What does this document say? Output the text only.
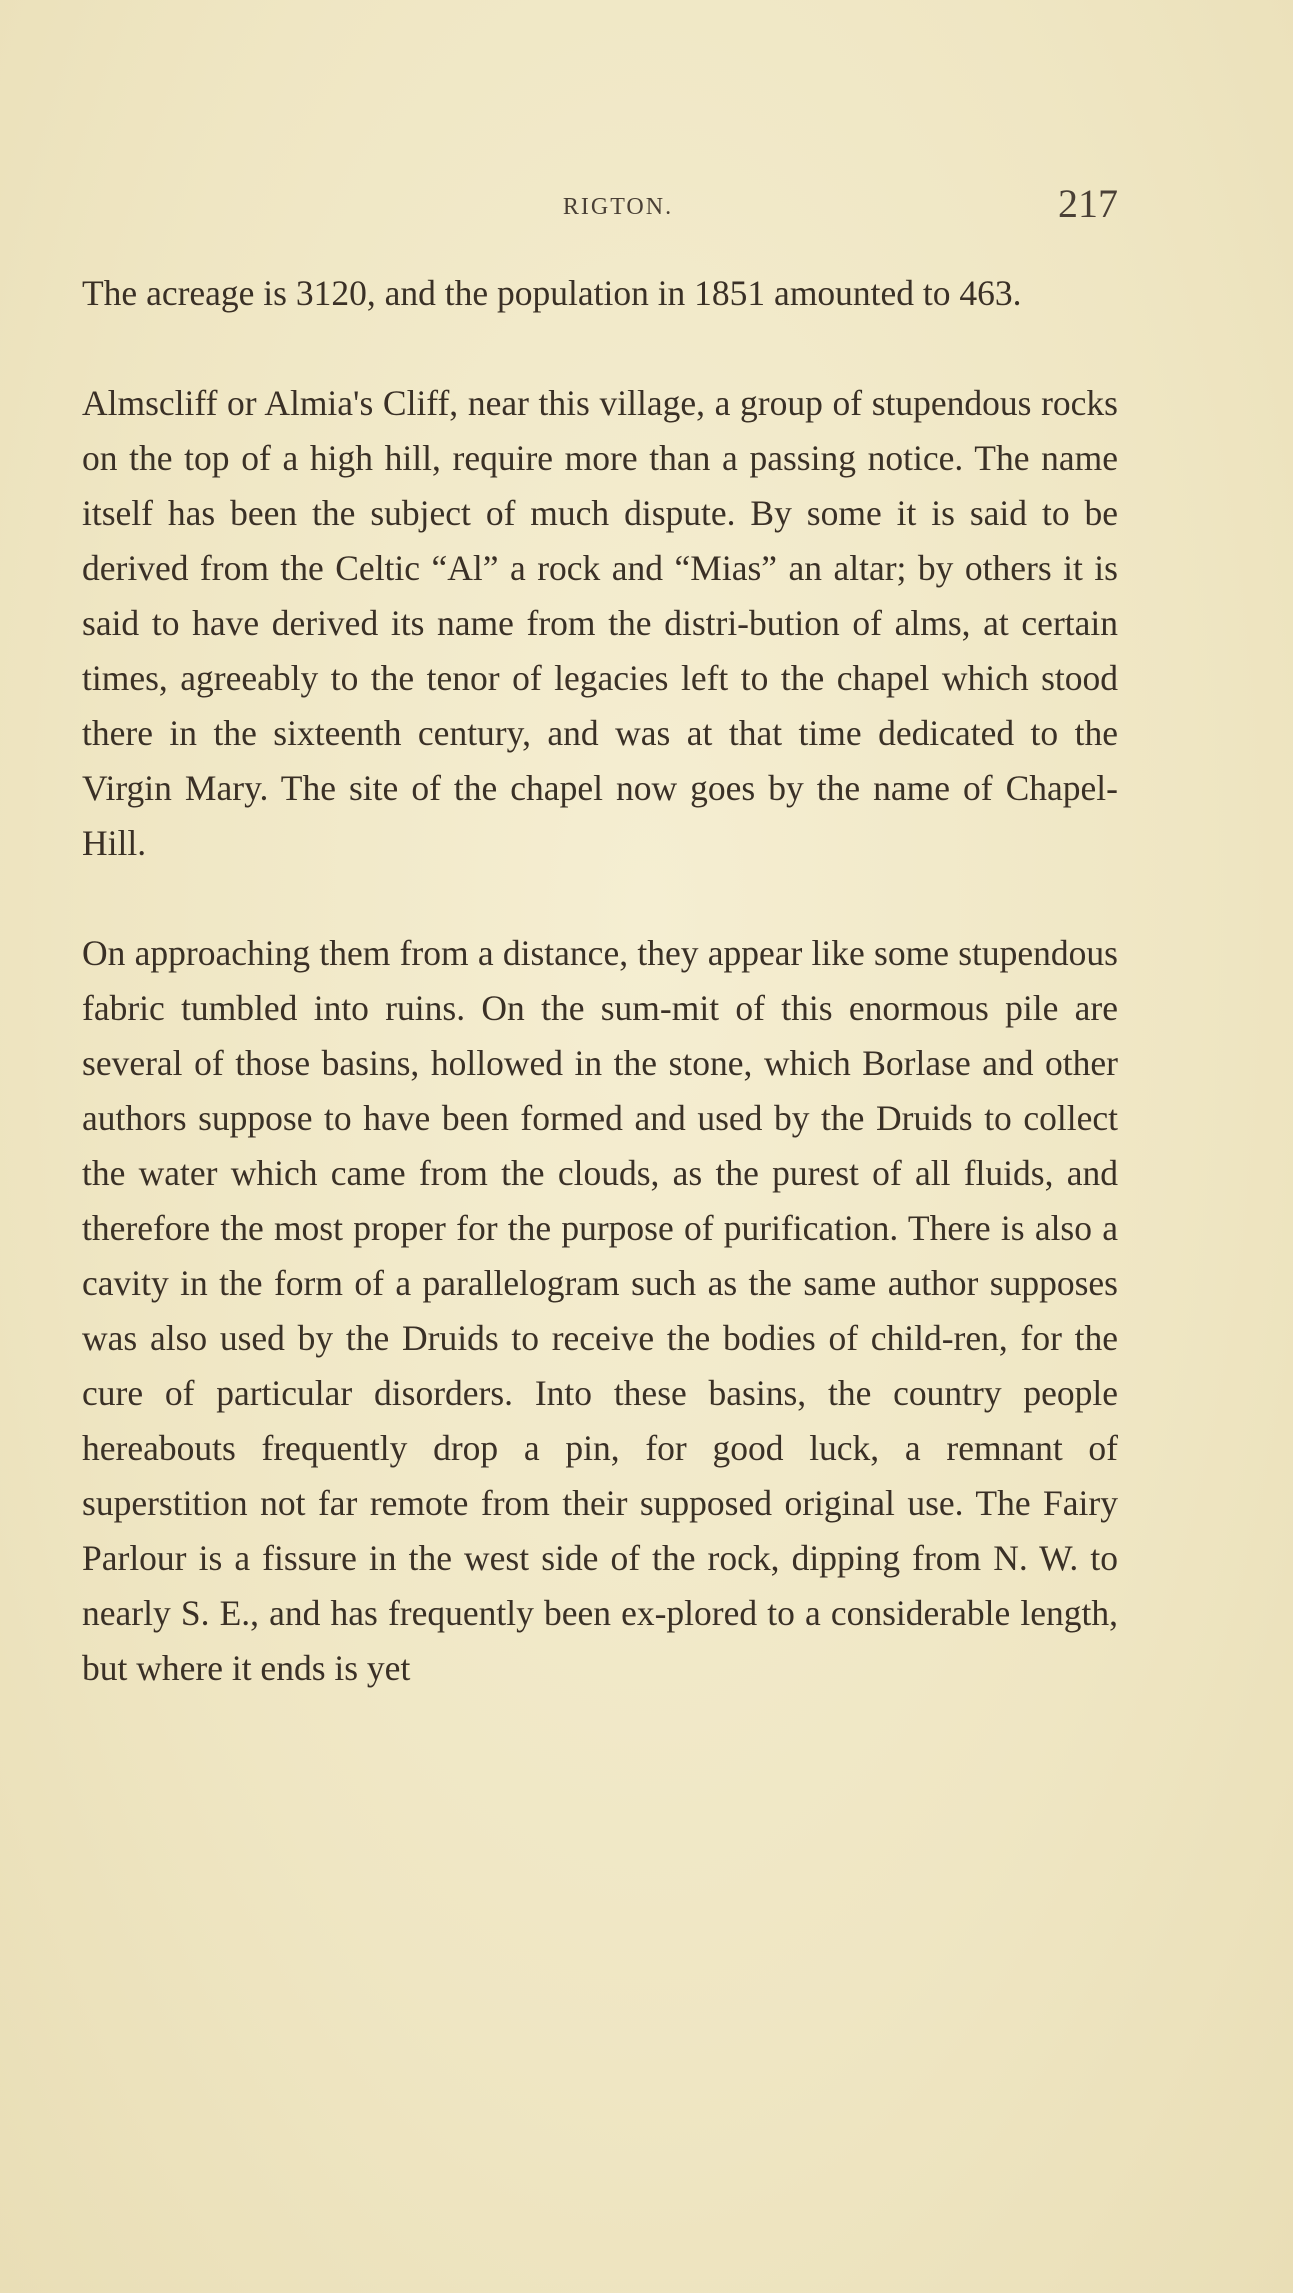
RIGTON.	217

The acreage is 3120, and the population in 1851 amounted to 463.

Almscliff or Almia's Cliff, near this village, a group of stupendous rocks on the top of a high hill, require more than a passing notice. The name itself has been the subject of much dispute. By some it is said to be derived from the Celtic “Al” a rock and “Mias” an altar; by others it is said to have derived its name from the distri-bution of alms, at certain times, agreeably to the tenor of legacies left to the chapel which stood there in the sixteenth century, and was at that time dedicated to the Virgin Mary. The site of the chapel now goes by the name of Chapel-Hill.

On approaching them from a distance, they appear like some stupendous fabric tumbled into ruins. On the sum-mit of this enormous pile are several of those basins, hollowed in the stone, which Borlase and other authors suppose to have been formed and used by the Druids to collect the water which came from the clouds, as the purest of all fluids, and therefore the most proper for the purpose of purification. There is also a cavity in the form of a parallelogram such as the same author supposes was also used by the Druids to receive the bodies of child-ren, for the cure of particular disorders. Into these basins, the country people hereabouts frequently drop a pin, for good luck, a remnant of superstition not far remote from their supposed original use. The Fairy Parlour is a fissure in the west side of the rock, dipping from N. W. to nearly S. E., and has frequently been ex-plored to a considerable length, but where it ends is yet
